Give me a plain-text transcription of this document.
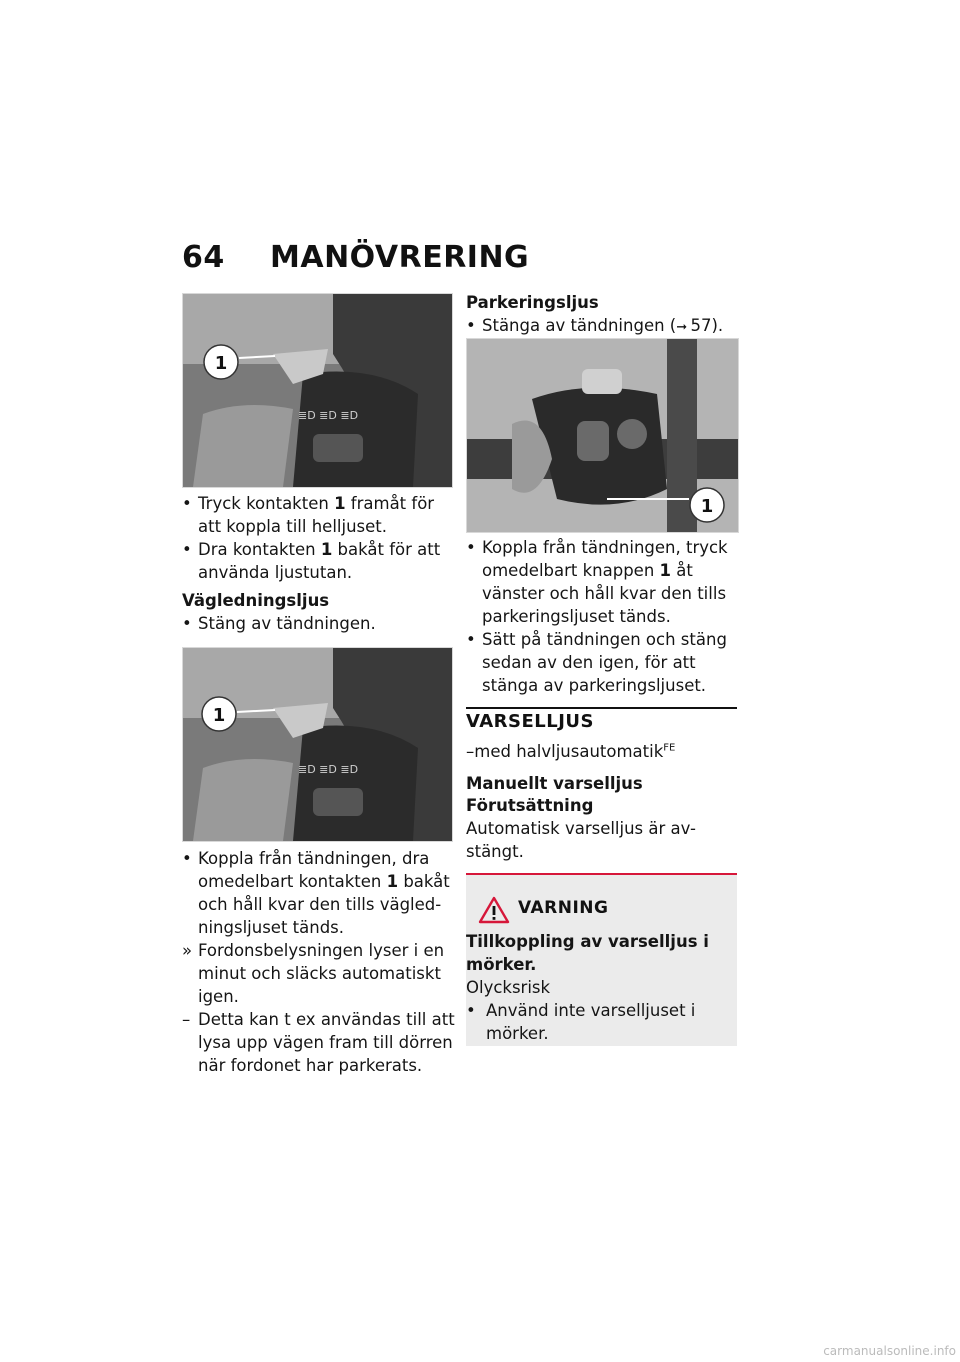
64	MANÖVRERING
≣D ≣D ≣D
1
• Tryck kontakten 1 framåt för att koppla till helljuset.
• Dra kontakten 1 bakåt för att använda ljustutan.
Vägledningsljus
• Stäng av tändningen.
≣D ≣D ≣D
1
• Koppla från tändningen, dra
omedelbart kontakten 1 bakåt
och håll kvar den tills vägled-
ningsljuset tänds.
» Fordonsbelysningen lyser i en minut och släcks automatiskt igen.
– Detta kan t ex användas till att lysa upp vägen fram till dörren när fordonet har parkerats.
Parkeringsljus
• Stänga av tändningen (➞  57).
1
• Koppla från tändningen, tryck
omedelbart knappen 1 åt
vänster och håll kvar den tills
parkeringsljuset tänds.
• Sätt på tändningen och stäng sedan av den igen, för att stänga av parkeringsljuset.
VARSELLJUS
–med halvljusautomatik$^{FE}$
Manuellt varselljus
Förutsättning
Automatisk varselljus är av-
stängt.
VARNING
Tillkoppling av varselljus i
mörker.
Olycksrisk
• Använd inte varselljuset i mörker.
carmanualsonline.info
